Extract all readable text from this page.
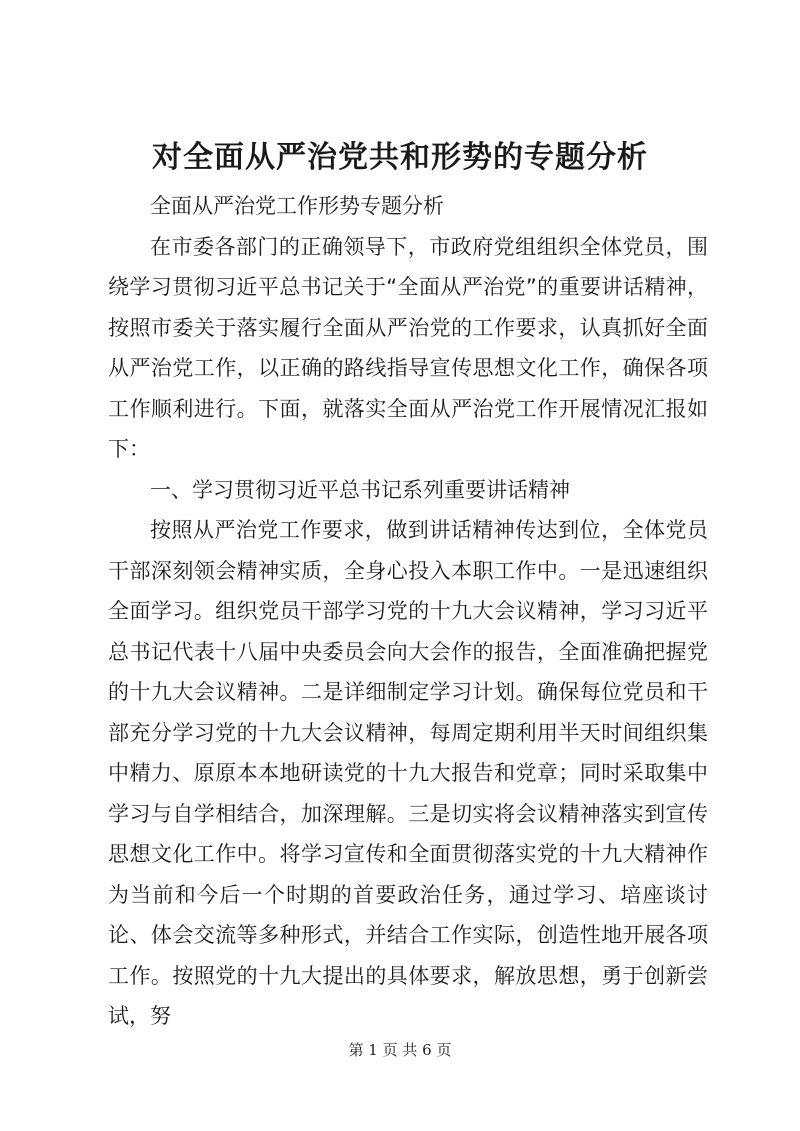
对全面从严治党共和形势的专题分析

全面从严治党工作形势专题分析

在市委各部门的正确领导下，市政府党组组织全体党员，围绕学习贯彻习近平总书记关于“全面从严治党”的重要讲话精神，按照市委关于落实履行全面从严治党的工作要求，认真抓好全面从严治党工作，以正确的路线指导宣传思想文化工作，确保各项工作顺利进行。下面，就落实全面从严治党工作开展情况汇报如下：

一、学习贯彻习近平总书记系列重要讲话精神

按照从严治党工作要求，做到讲话精神传达到位，全体党员干部深刻领会精神实质，全身心投入本职工作中。一是迅速组织全面学习。组织党员干部学习党的十九大会议精神，学习习近平总书记代表十八届中央委员会向大会作的报告，全面准确把握党的十九大会议精神。二是详细制定学习计划。确保每位党员和干部充分学习党的十九大会议精神，每周定期利用半天时间组织集中精力、原原本本地研读党的十九大报告和党章；同时采取集中学习与自学相结合，加深理解。三是切实将会议精神落实到宣传思想文化工作中。将学习宣传和全面贯彻落实党的十九大精神作为当前和今后一个时期的首要政治任务，通过学习、培座谈讨论、体会交流等多种形式，并结合工作实际，创造性地开展各项工作。按照党的十九大提出的具体要求，解放思想，勇于创新尝试，努

第 1 页 共 6 页
